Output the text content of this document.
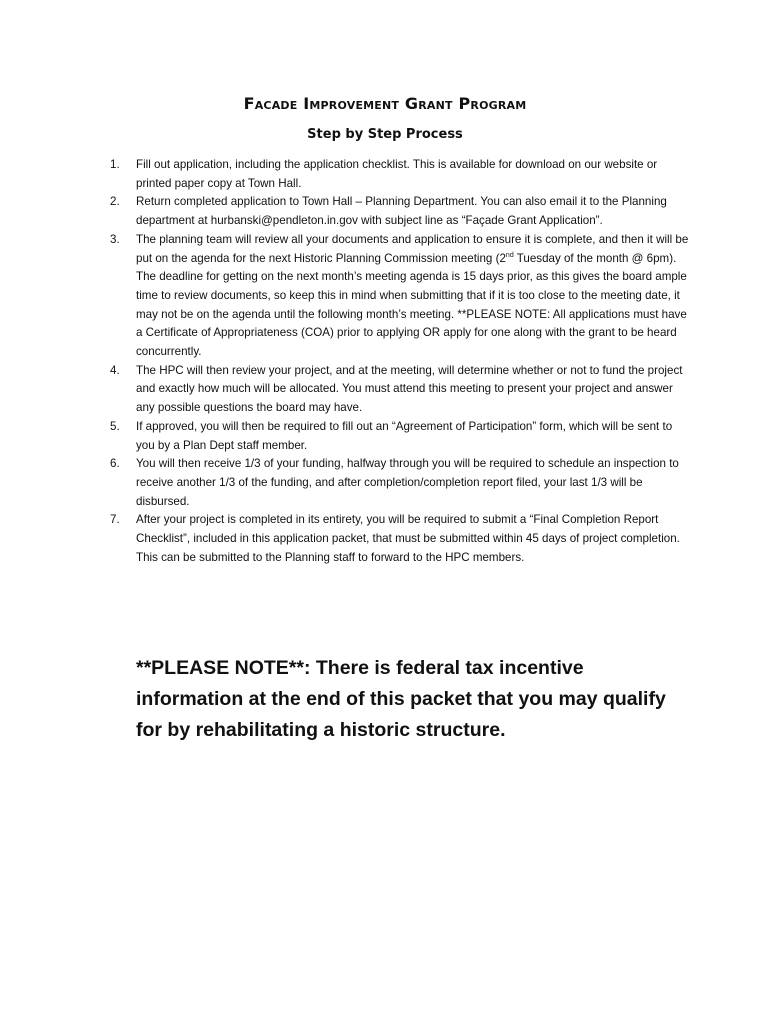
Facade Improvement Grant Program
Step by Step Process
1.	Fill out application, including the application checklist. This is available for download on our website or printed paper copy at Town Hall.
2.	Return completed application to Town Hall – Planning Department. You can also email it to the Planning department at hurbanski@pendleton.in.gov with subject line as “Façade Grant Application”.
3.	The planning team will review all your documents and application to ensure it is complete, and then it will be put on the agenda for the next Historic Planning Commission meeting (2nd Tuesday of the month @ 6pm). The deadline for getting on the next month’s meeting agenda is 15 days prior, as this gives the board ample time to review documents, so keep this in mind when submitting that if it is too close to the meeting date, it may not be on the agenda until the following month’s meeting. **PLEASE NOTE: All applications must have a Certificate of Appropriateness (COA) prior to applying OR apply for one along with the grant to be heard concurrently.
4.	The HPC will then review your project, and at the meeting, will determine whether or not to fund the project and exactly how much will be allocated. You must attend this meeting to present your project and answer any possible questions the board may have.
5.	If approved, you will then be required to fill out an “Agreement of Participation” form, which will be sent to you by a Plan Dept staff member.
6.	You will then receive 1/3 of your funding, halfway through you will be required to schedule an inspection to receive another 1/3 of the funding, and after completion/completion report filed, your last 1/3 will be disbursed.
7.	After your project is completed in its entirety, you will be required to submit a “Final Completion Report Checklist”, included in this application packet, that must be submitted within 45 days of project completion. This can be submitted to the Planning staff to forward to the HPC members.
**PLEASE NOTE**: There is federal tax incentive
information at the end of this packet that you may qualify
for by rehabilitating a historic structure.
